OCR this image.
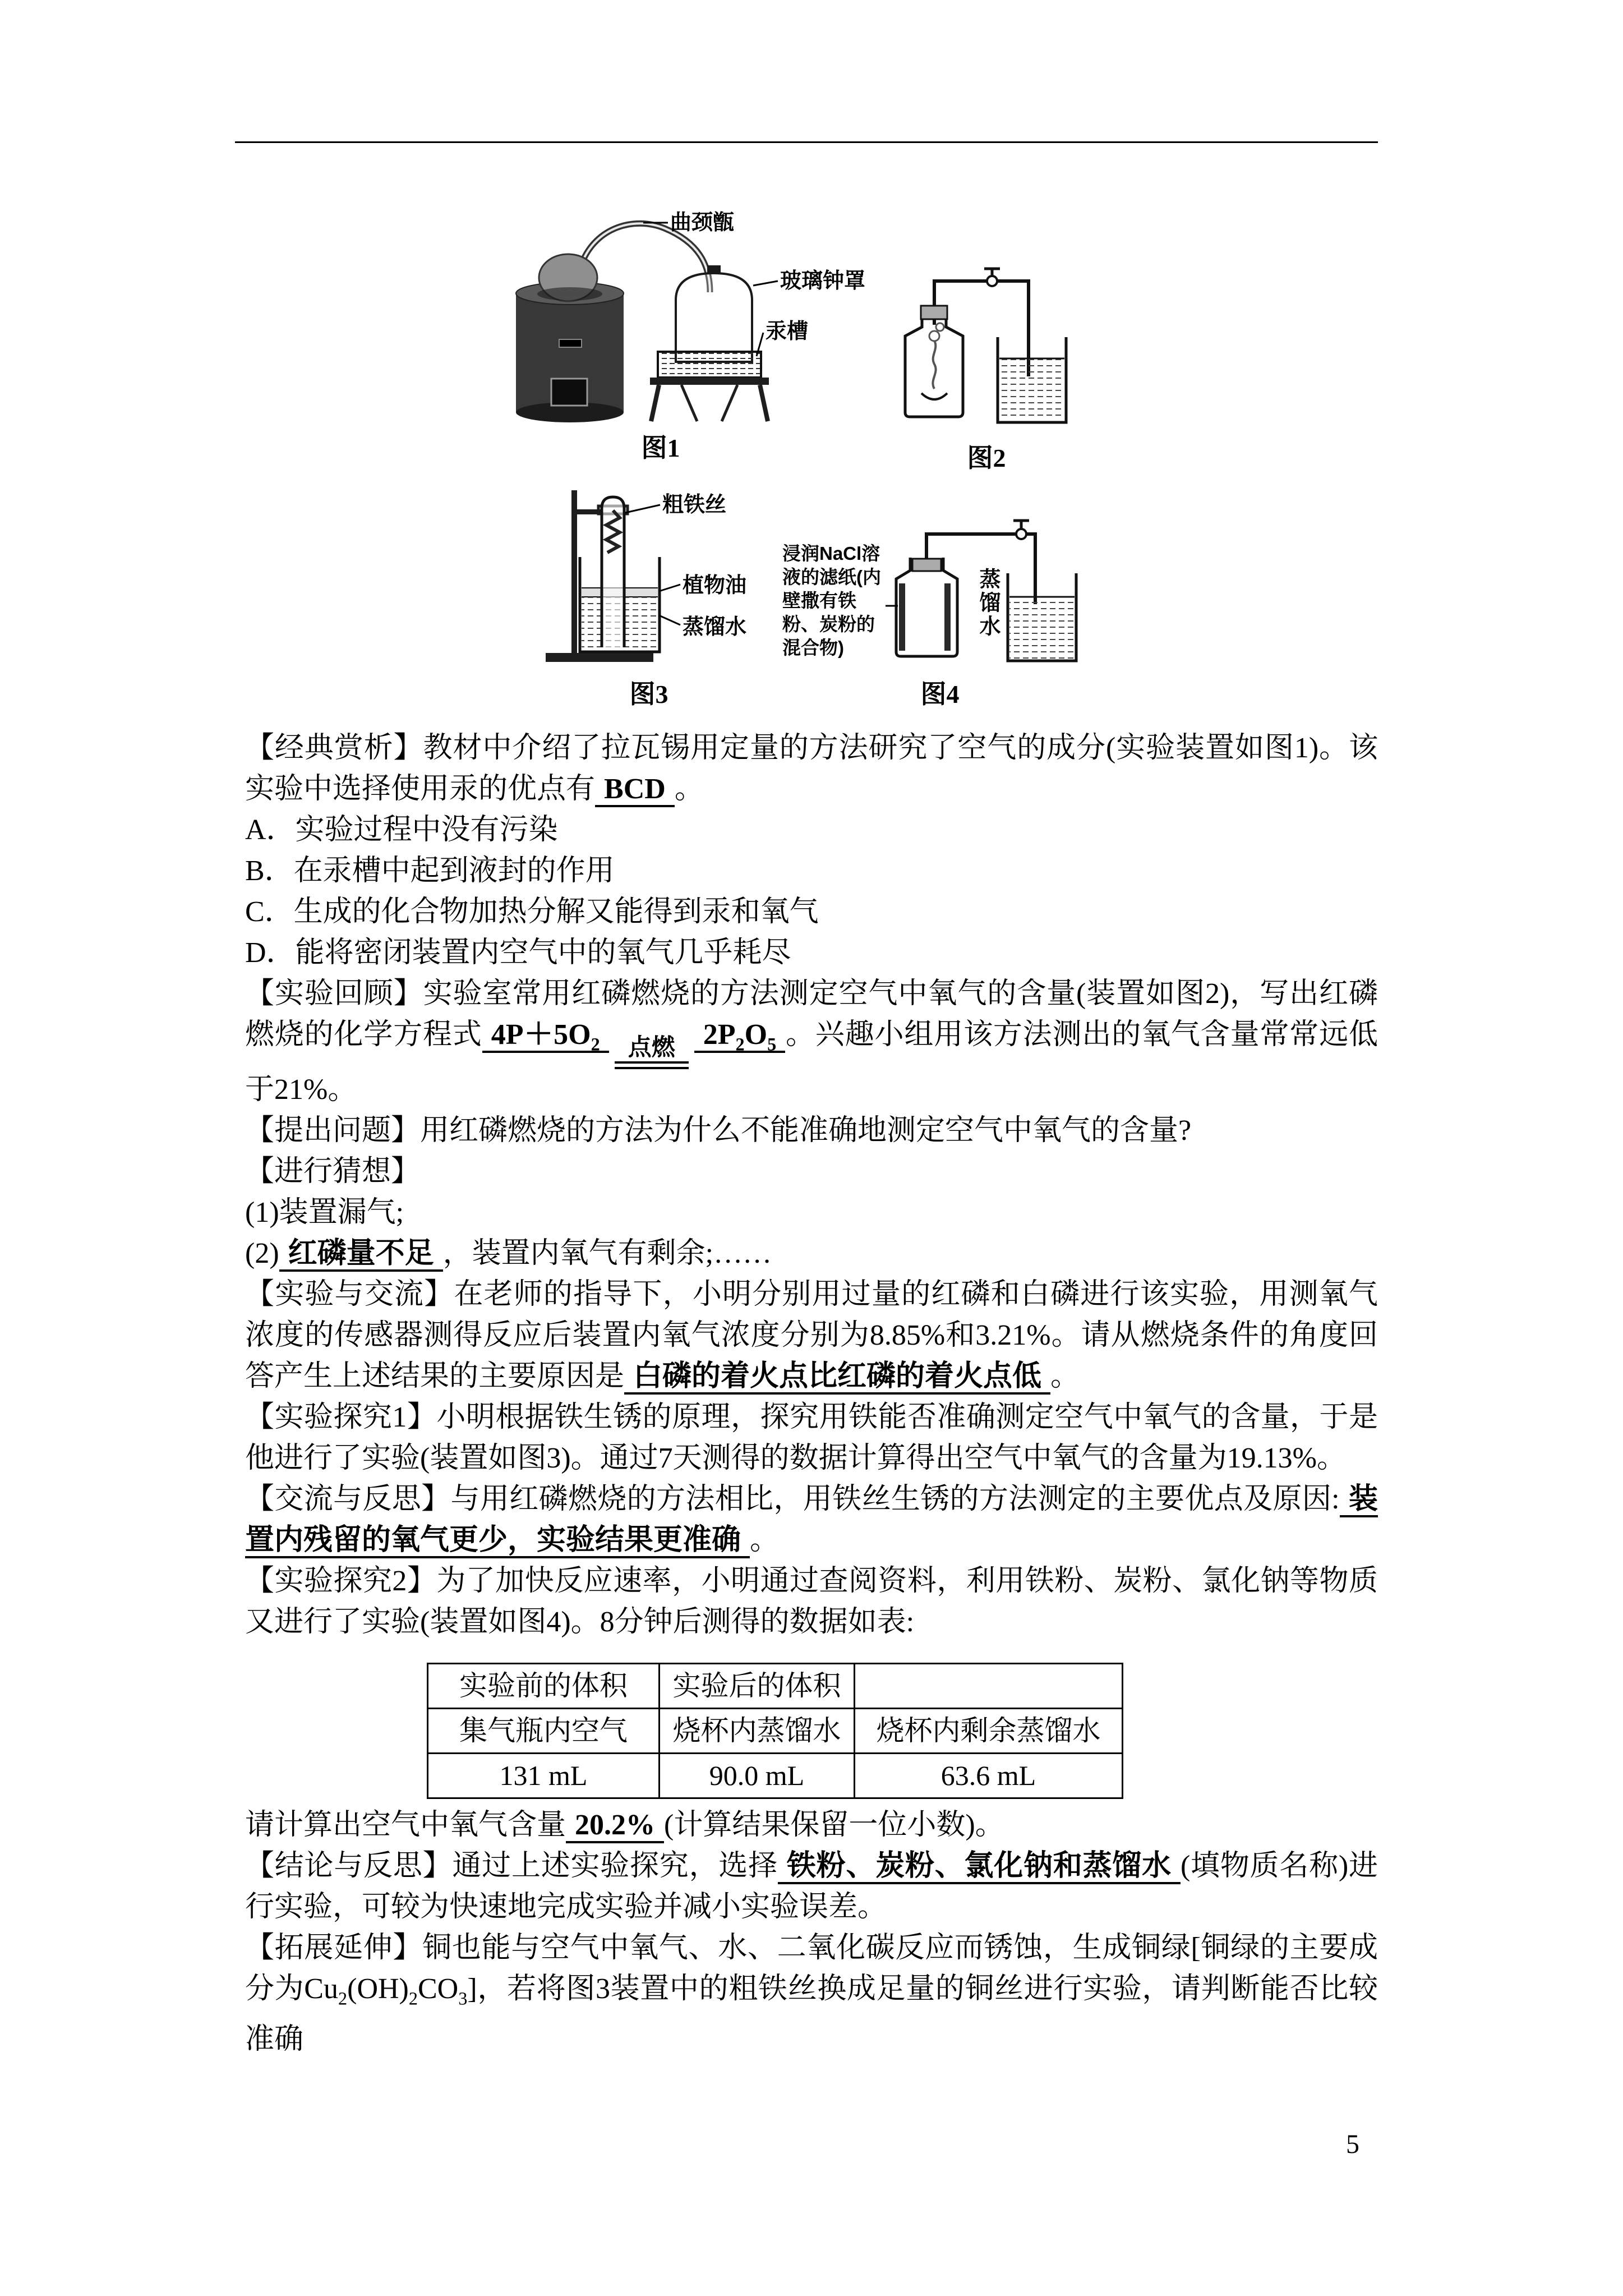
曲颈甑
玻璃钟罩
汞槽
图1	图2
粗铁丝
植物油
蒸馏水
图3
浸润NaCl溶液的滤纸(内壁撒有铁粉、炭粉的混合物)
蒸馏水
图4

【经典赏析】教材中介绍了拉瓦锡用定量的方法研究了空气的成分(实验装置如图1)。该实验中选择使用汞的优点有 BCD 。

A．实验过程中没有污染

B．在汞槽中起到液封的作用

C．生成的化合物加热分解又能得到汞和氧气

D．能将密闭装置内空气中的氧气几乎耗尽

【实验回顾】实验室常用红磷燃烧的方法测定空气中氧气的含量(装置如图2)，写出红磷燃烧的化学方程式 $4P+5O_2$ 点燃 $2P_2O_5$ 。兴趣小组用该方法测出的氧气含量常常远低于21%。

【提出问题】用红磷燃烧的方法为什么不能准确地测定空气中氧气的含量?

【进行猜想】

(1)装置漏气;

(2) 红磷量不足 ，装置内氧气有剩余;……

【实验与交流】在老师的指导下，小明分别用过量的红磷和白磷进行该实验，用测氧气浓度的传感器测得反应后装置内氧气浓度分别为8.85%和3.21%。请从燃烧条件的角度回答产生上述结果的主要原因是 白磷的着火点比红磷的着火点低 。

【实验探究1】小明根据铁生锈的原理，探究用铁能否准确测定空气中氧气的含量，于是他进行了实验(装置如图3)。通过7天测得的数据计算得出空气中氧气的含量为19.13%。

【交流与反思】与用红磷燃烧的方法相比，用铁丝生锈的方法测定的主要优点及原因: 装置内残留的氧气更少，实验结果更准确 。

【实验探究2】为了加快反应速率，小明通过查阅资料，利用铁粉、炭粉、氯化钠等物质又进行了实验(装置如图4)。8分钟后测得的数据如表:

实验前的体积	实验后的体积	
集气瓶内空气	烧杯内蒸馏水	烧杯内剩余蒸馏水
131 mL	90.0 mL	63.6 mL

请计算出空气中氧气含量 20.2% (计算结果保留一位小数)。

【结论与反思】通过上述实验探究，选择 铁粉、炭粉、氯化钠和蒸馏水 (填物质名称)进行实验，可较为快速地完成实验并减小实验误差。

【拓展延伸】铜也能与空气中氧气、水、二氧化碳反应而锈蚀，生成铜绿[铜绿的主要成分为$Cu_2(OH)_2CO_3$]，若将图3装置中的粗铁丝换成足量的铜丝进行实验，请判断能否比较准确

5
